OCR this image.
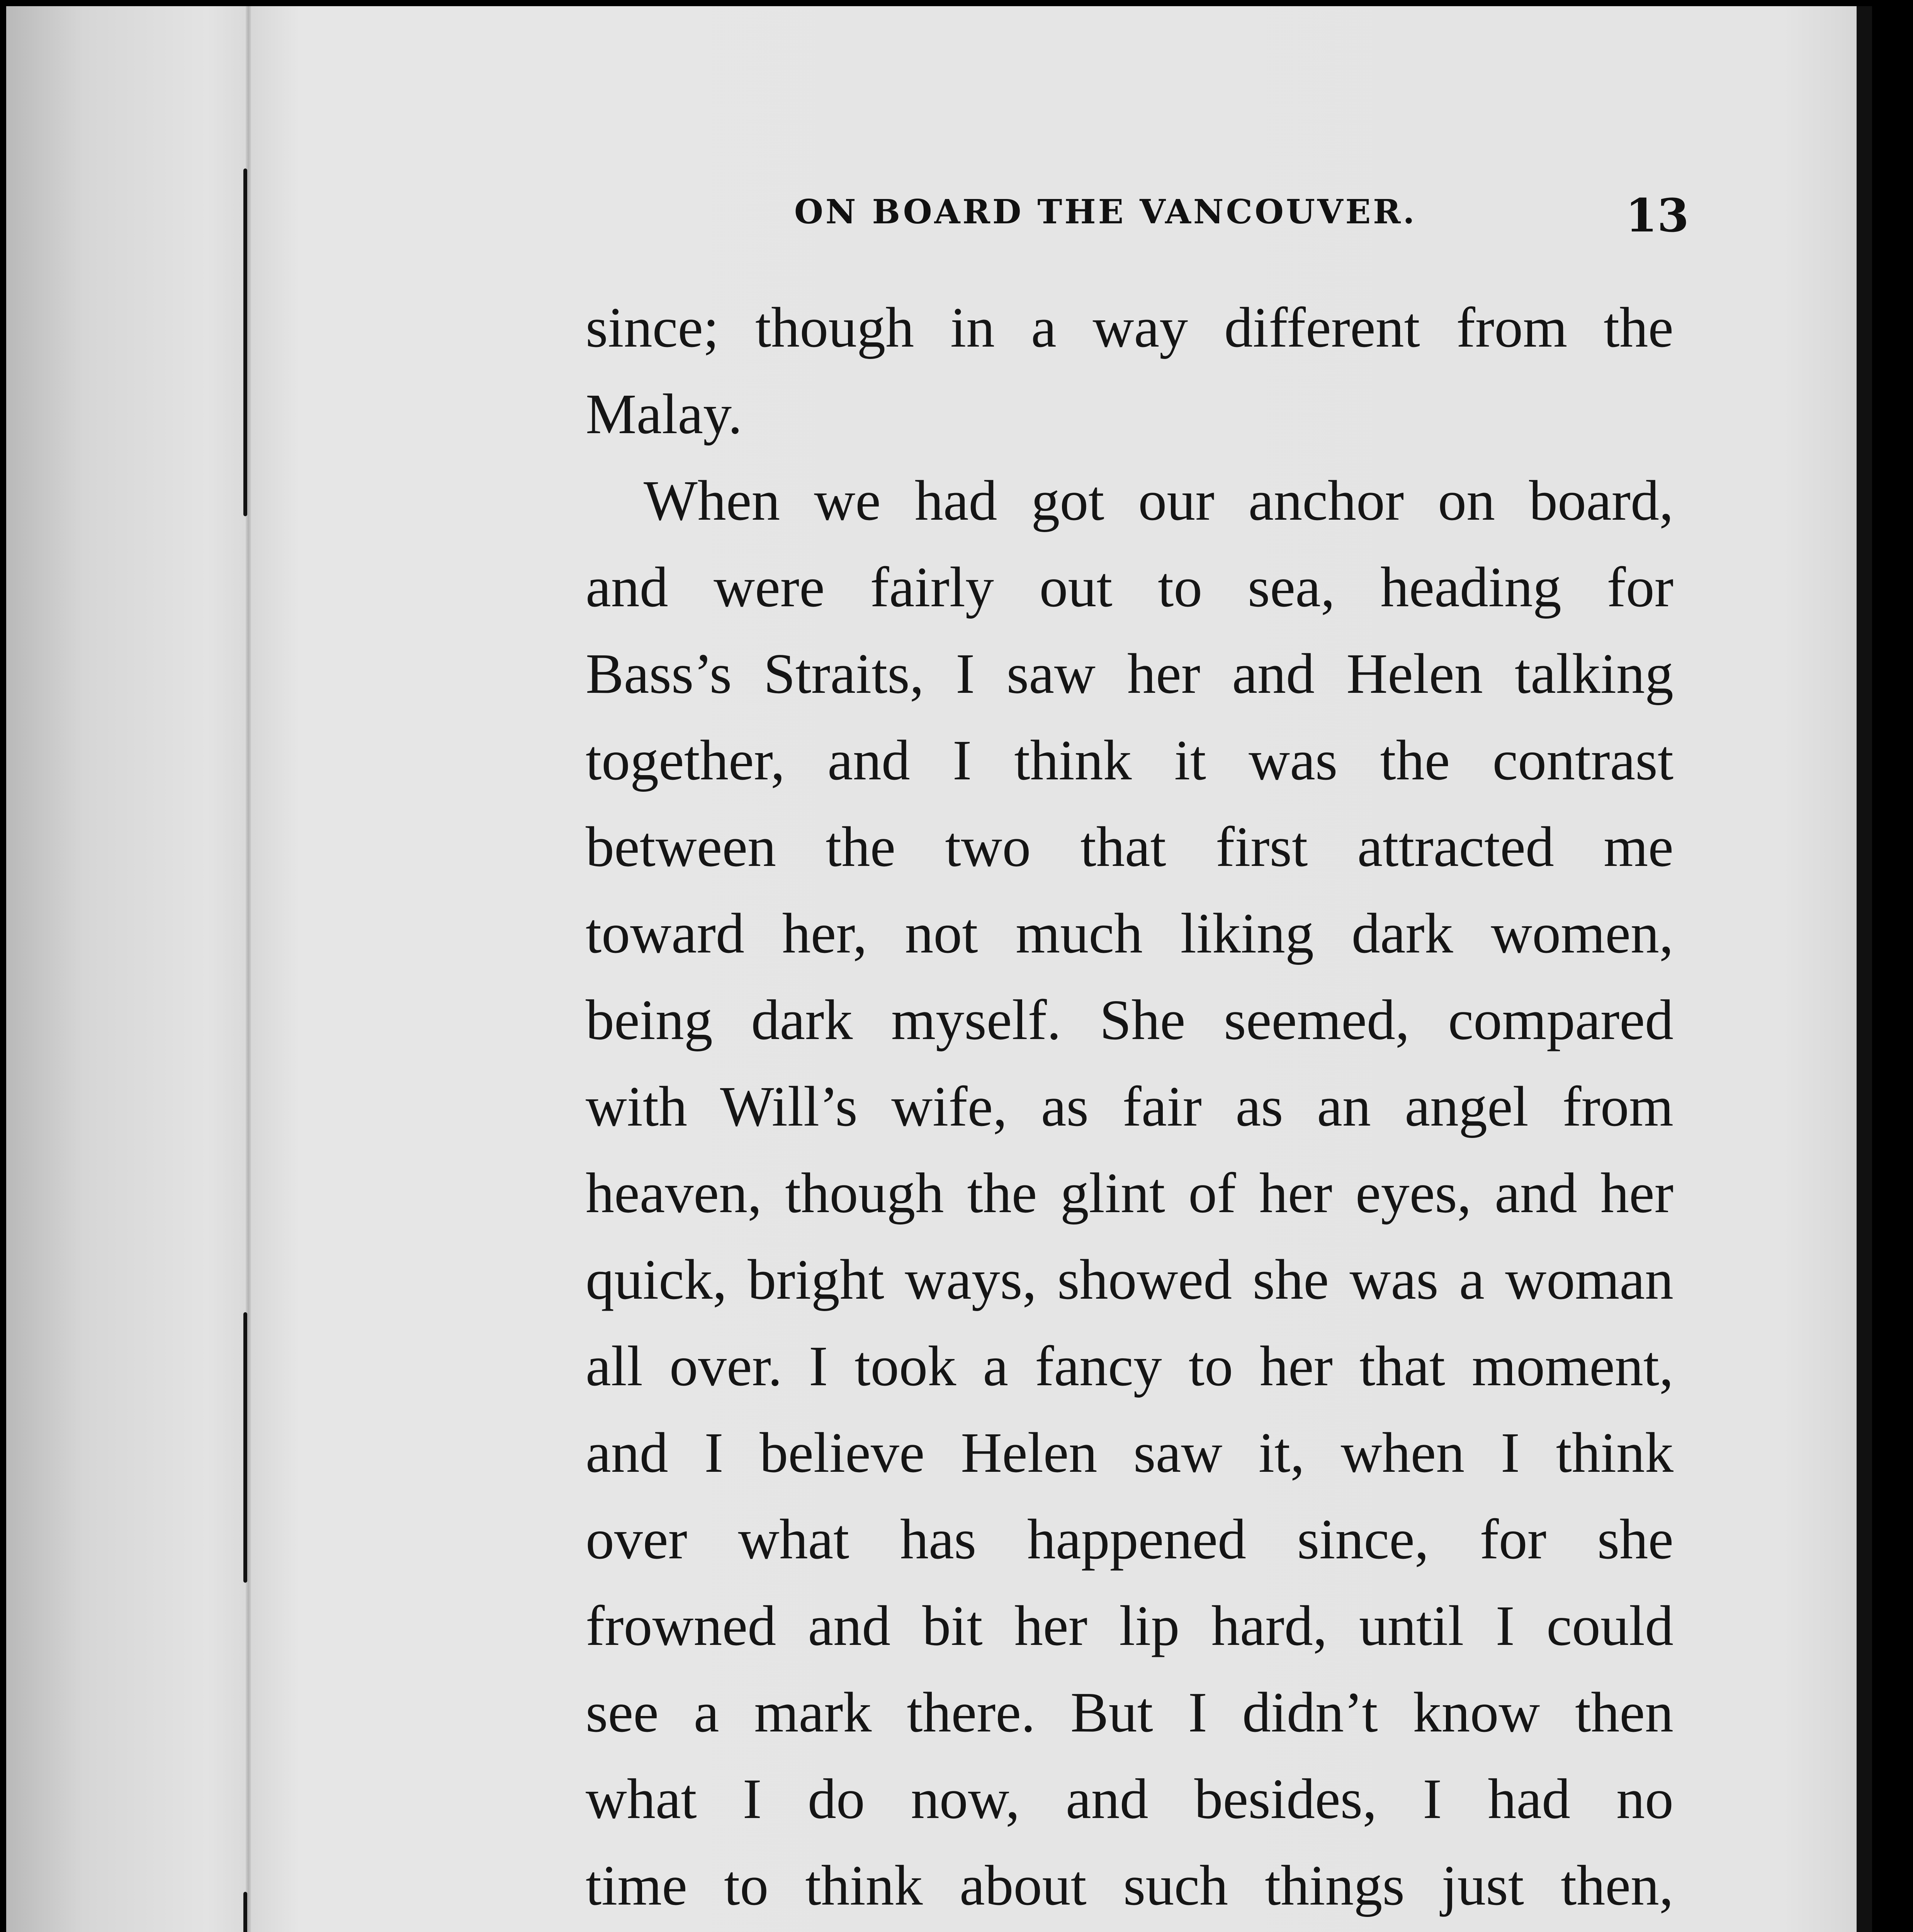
ON BOARD THE VANCOUVER.	13
since; though in a way different from the
Malay.
When we had got our anchor on board,
and were fairly out to sea, heading for
Bass’s Straits, I saw her and Helen talking
together, and I think it was the contrast
between the two that first attracted me
toward her, not much liking dark women,
being dark myself. She seemed, compared
with Will’s wife, as fair as an angel from
heaven, though the glint of her eyes, and her
quick, bright ways, showed she was a woman
all over. I took a fancy to her that moment,
and I believe Helen saw it, when I think
over what has happened since, for she
frowned and bit her lip hard, until I could
see a mark there. But I didn’t know then
what I do now, and besides, I had no
time to think about such things just then,
